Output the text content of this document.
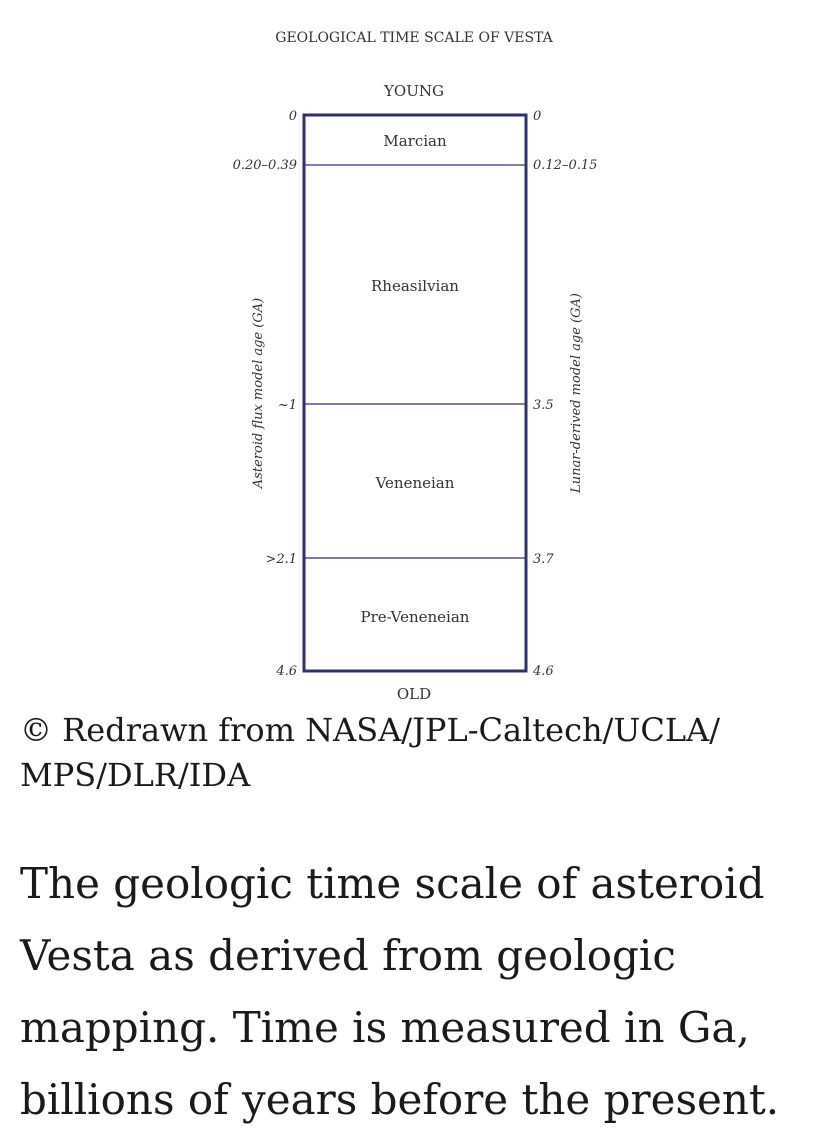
GEOLOGICAL TIME SCALE OF VESTA
YOUNG
Marcian
Rheasilvian
Veneneian
Pre-Veneneian
0
0.20–0.39
~1
>2.1
4.6
0
0.12–0.15
3.5
3.7
4.6
Asteroid flux model age (GA)	Lunar-derived model age (GA)
OLD
© Redrawn from NASA/JPL-Caltech/UCLA/ MPS/DLR/IDA
The geologic time scale of asteroid Vesta as derived from geologic mapping. Time is measured in Ga, billions of years before the present.
